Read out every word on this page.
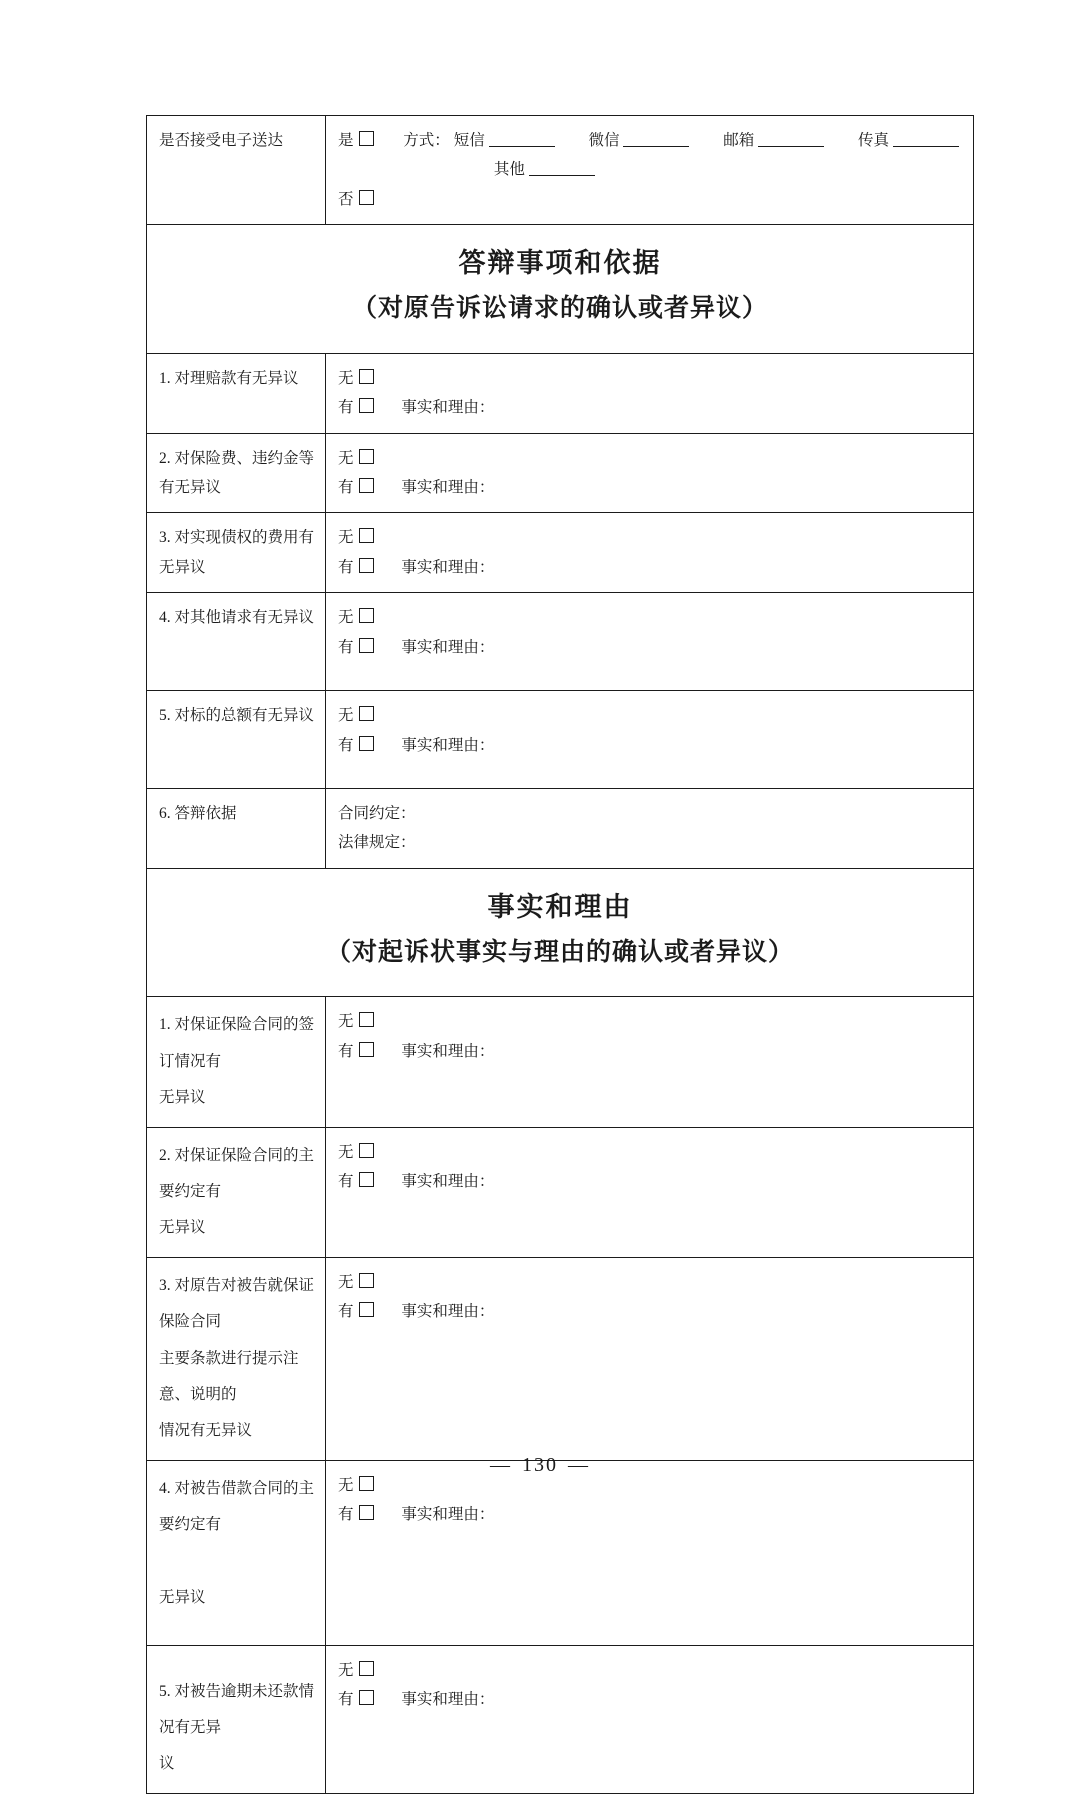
是否接受电子送达	是 方式： 短信 微信 邮箱 传真
其他
否

答辩事项和依据
（对原告诉讼请求的确认或者异议）	

1. 对理赔款有无异议	无
有 事实和理由：

2. 对保险费、违约金等有无异议	无
有 事实和理由：

3. 对实现债权的费用有无异议	无
有 事实和理由：

4. 对其他请求有无异议	无
有 事实和理由：

5. 对标的总额有无异议	无
有 事实和理由：

6. 答辩依据	合同约定：
法律规定：

事实和理由
（对起诉状事实与理由的确认或者异议）	

1. 对保证保险合同的签订情况有
无异议	无
有 事实和理由：

2. 对保证保险合同的主要约定有
无异议	无
有 事实和理由：

3. 对原告对被告就保证保险合同
主要条款进行提示注意、说明的
情况有无异议	无
有 事实和理由：

4. 对被告借款合同的主要约定有

无异议	无
有 事实和理由：

5. 对被告逾期未还款情况有无异
议	无
有 事实和理由：
— 130 —
